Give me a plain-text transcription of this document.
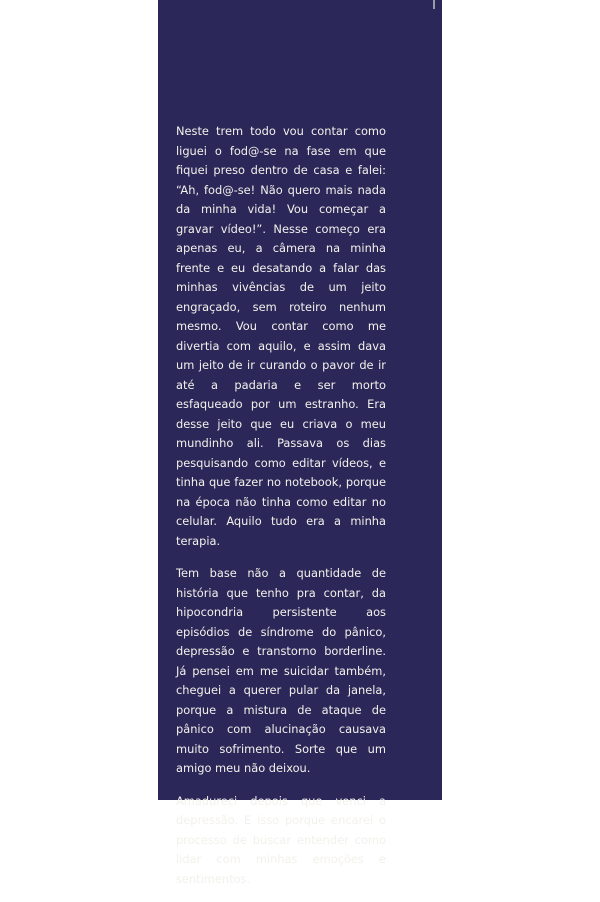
Neste trem todo vou contar como liguei o fod@-se na fase em que fiquei preso dentro de casa e falei: “Ah, fod@-se! Não quero mais nada da minha vida! Vou começar a gravar vídeo!”. Nesse começo era apenas eu, a câmera na minha frente e eu desatando a falar das minhas vivências de um jeito engraçado, sem roteiro nenhum mesmo. Vou contar como me divertia com aquilo, e assim dava um jeito de ir curando o pavor de ir até a padaria e ser morto esfaqueado por um estranho. Era desse jeito que eu criava o meu mundinho ali. Passava os dias pesquisando como editar vídeos, e tinha que fazer no notebook, porque na época não tinha como editar no celular. Aquilo tudo era a minha terapia.

Tem base não a quantidade de história que tenho pra contar, da hipocondria persistente aos episódios de síndrome do pânico, depressão e transtorno borderline. Já pensei em me suicidar também, cheguei a querer pular da janela, porque a mistura de ataque de pânico com alucinação causava muito sofrimento. Sorte que um amigo meu não deixou.

Amadureci depois que venci a depressão. E isso porque encarei o processo de buscar entender como lidar com minhas emoções e sentimentos.
